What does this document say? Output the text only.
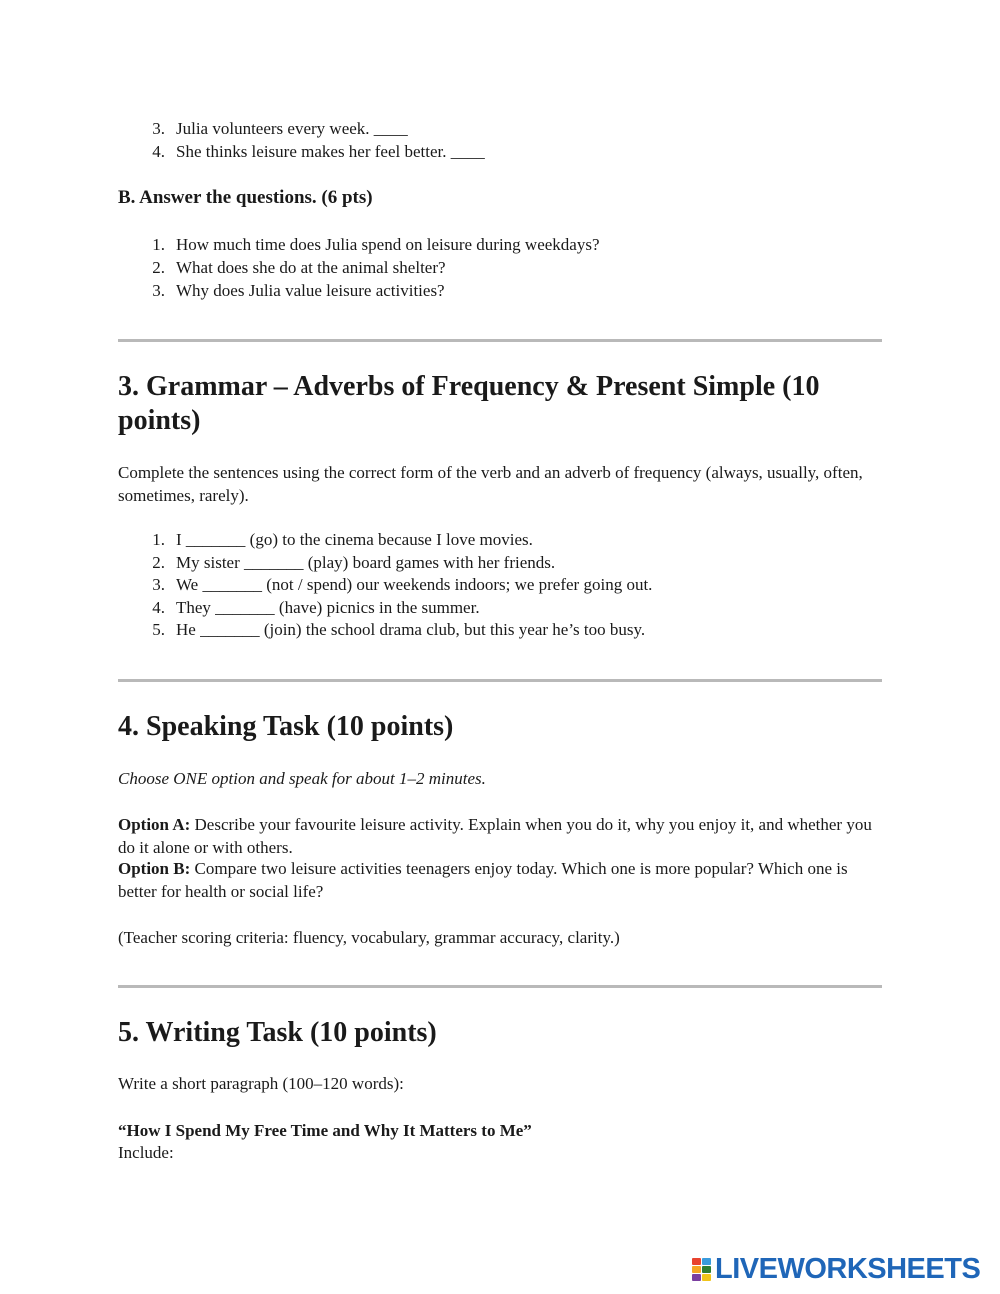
3. Julia volunteers every week. ____
4. She thinks leisure makes her feel better. ____
B. Answer the questions. (6 pts)
1. How much time does Julia spend on leisure during weekdays?
2. What does she do at the animal shelter?
3. Why does Julia value leisure activities?
3. Grammar – Adverbs of Frequency & Present Simple (10 points)
Complete the sentences using the correct form of the verb and an adverb of frequency (always, usually, often, sometimes, rarely).
1. I _______ (go) to the cinema because I love movies.
2. My sister _______ (play) board games with her friends.
3. We _______ (not / spend) our weekends indoors; we prefer going out.
4. They _______ (have) picnics in the summer.
5. He _______ (join) the school drama club, but this year he’s too busy.
4. Speaking Task (10 points)
Choose ONE option and speak for about 1–2 minutes.
Option A: Describe your favourite leisure activity. Explain when you do it, why you enjoy it, and whether you do it alone or with others.
Option B: Compare two leisure activities teenagers enjoy today. Which one is more popular? Which one is better for health or social life?
(Teacher scoring criteria: fluency, vocabulary, grammar accuracy, clarity.)
5. Writing Task (10 points)
Write a short paragraph (100–120 words):
“How I Spend My Free Time and Why It Matters to Me”
Include:
LIVEWORKSHEETS
